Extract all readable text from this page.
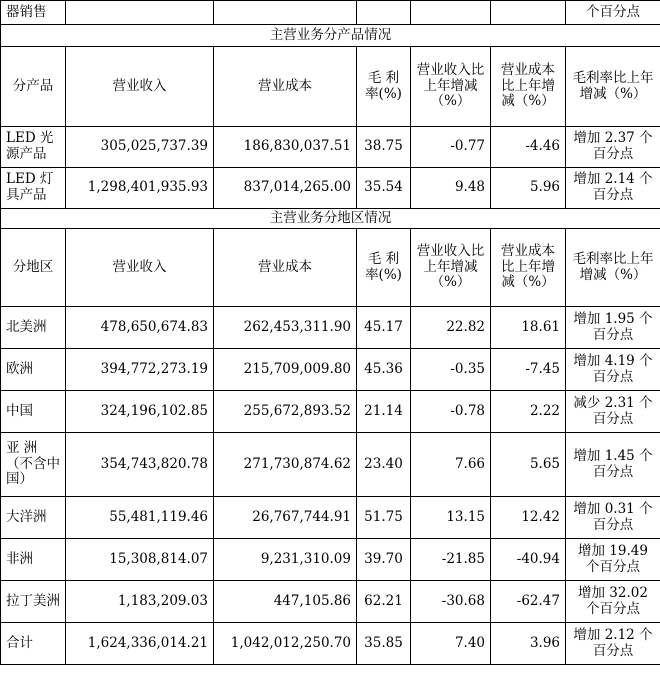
器销售						个百分点
主营业务分产品情况						
分产品	营业收入	营业成本	毛 利率(%)	营业收入比上年增减（%）	营业成本比上年增减（%）	毛利率比上年增减（%）
LED 光源产品	305,025,737.39	186,830,037.51	38.75	-0.77	-4.46	增加 2.37 个百分点
LED 灯具产品	1,298,401,935.93	837,014,265.00	35.54	9.48	5.96	增加 2.14 个百分点
主营业务分地区情况						
分地区	营业收入	营业成本	毛 利率(%)	营业收入比上年增减（%）	营业成本比上年增减（%）	毛利率比上年增减（%）
北美洲	478,650,674.83	262,453,311.90	45.17	22.82	18.61	增加 1.95 个百分点
欧洲	394,772,273.19	215,709,009.80	45.36	-0.35	-7.45	增加 4.19 个百分点
中国	324,196,102.85	255,672,893.52	21.14	-0.78	2.22	减少 2.31 个百分点
亚 洲（不含中国）	354,743,820.78	271,730,874.62	23.40	7.66	5.65	增加 1.45 个百分点
大洋洲	55,481,119.46	26,767,744.91	51.75	13.15	12.42	增加 0.31 个百分点
非洲	15,308,814.07	9,231,310.09	39.70	-21.85	-40.94	增加 19.49 个百分点
拉丁美洲	1,183,209.03	447,105.86	62.21	-30.68	-62.47	增加 32.02 个百分点
合计	1,624,336,014.21	1,042,012,250.70	35.85	7.40	3.96	增加 2.12 个百分点
